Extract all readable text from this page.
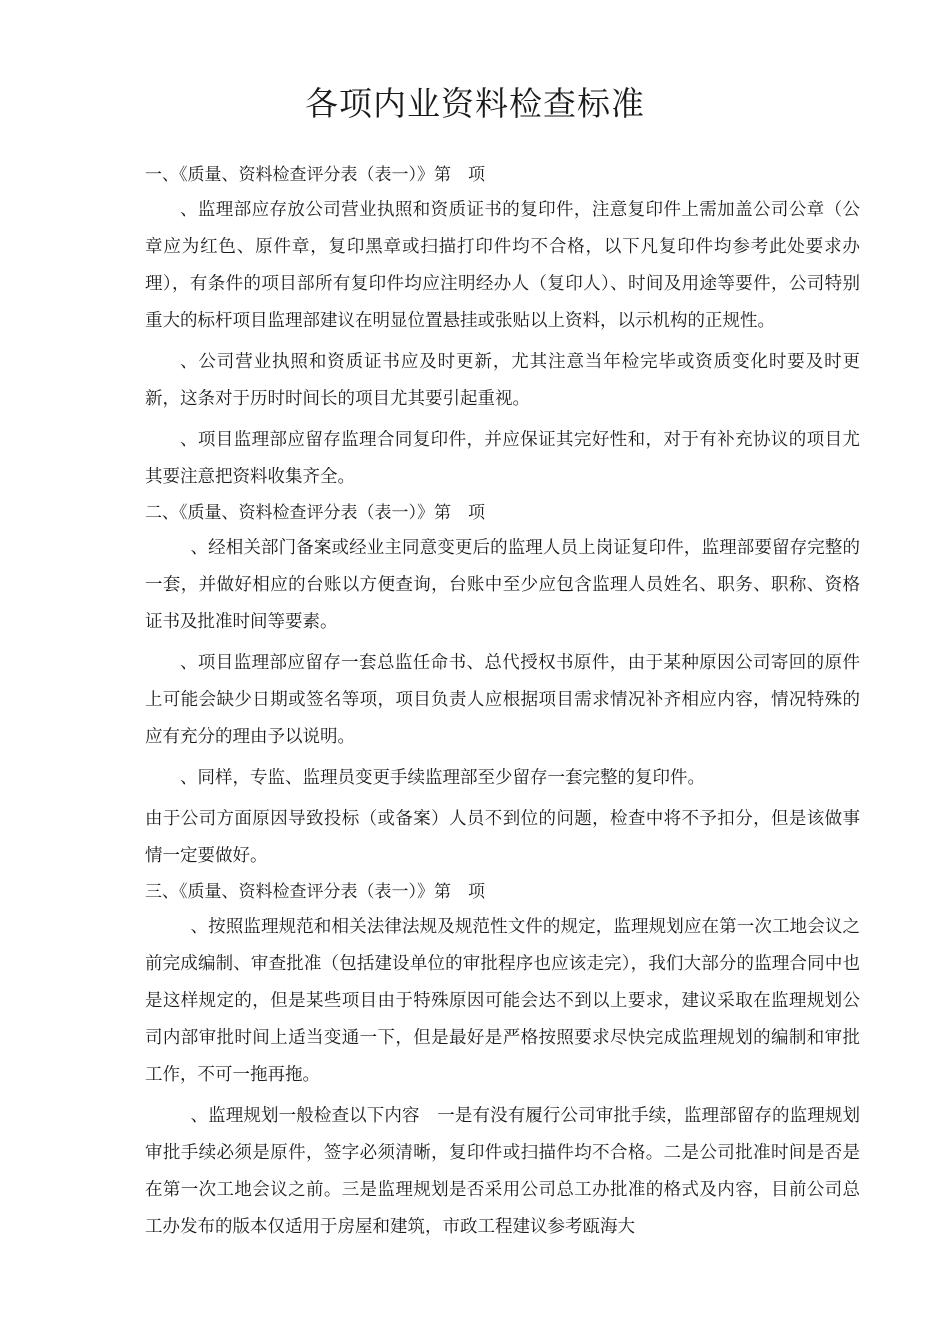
各项内业资料检查标准

一、《质量、资料检查评分表（表一）》第　项

、监理部应存放公司营业执照和资质证书的复印件，注意复印件上需加盖公司公章（公章应为红色、原件章，复印黑章或扫描打印件均不合格，以下凡复印件均参考此处要求办理），有条件的项目部所有复印件均应注明经办人（复印人）、时间及用途等要件，公司特别重大的标杆项目监理部建议在明显位置悬挂或张贴以上资料，以示机构的正规性。

、公司营业执照和资质证书应及时更新，尤其注意当年检完毕或资质变化时要及时更新，这条对于历时时间长的项目尤其要引起重视。

、项目监理部应留存监理合同复印件，并应保证其完好性和，对于有补充协议的项目尤其要注意把资料收集齐全。

二、《质量、资料检查评分表（表一）》第　项

、经相关部门备案或经业主同意变更后的监理人员上岗证复印件，监理部要留存完整的一套，并做好相应的台账以方便查询，台账中至少应包含监理人员姓名、职务、职称、资格证书及批准时间等要素。

、项目监理部应留存一套总监任命书、总代授权书原件，由于某种原因公司寄回的原件上可能会缺少日期或签名等项，项目负责人应根据项目需求情况补齐相应内容，情况特殊的应有充分的理由予以说明。

、同样，专监、监理员变更手续监理部至少留存一套完整的复印件。

由于公司方面原因导致投标（或备案）人员不到位的问题，检查中将不予扣分，但是该做事情一定要做好。

三、《质量、资料检查评分表（表一）》第　项

、按照监理规范和相关法律法规及规范性文件的规定，监理规划应在第一次工地会议之前完成编制、审查批准（包括建设单位的审批程序也应该走完），我们大部分的监理合同中也是这样规定的，但是某些项目由于特殊原因可能会达不到以上要求，建议采取在监理规划公司内部审批时间上适当变通一下，但是最好是严格按照要求尽快完成监理规划的编制和审批工作，不可一拖再拖。

、监理规划一般检查以下内容　一是有没有履行公司审批手续，监理部留存的监理规划审批手续必须是原件，签字必须清晰，复印件或扫描件均不合格。二是公司批准时间是否是在第一次工地会议之前。三是监理规划是否采用公司总工办批准的格式及内容，目前公司总工办发布的版本仅适用于房屋和建筑，市政工程建议参考瓯海大
